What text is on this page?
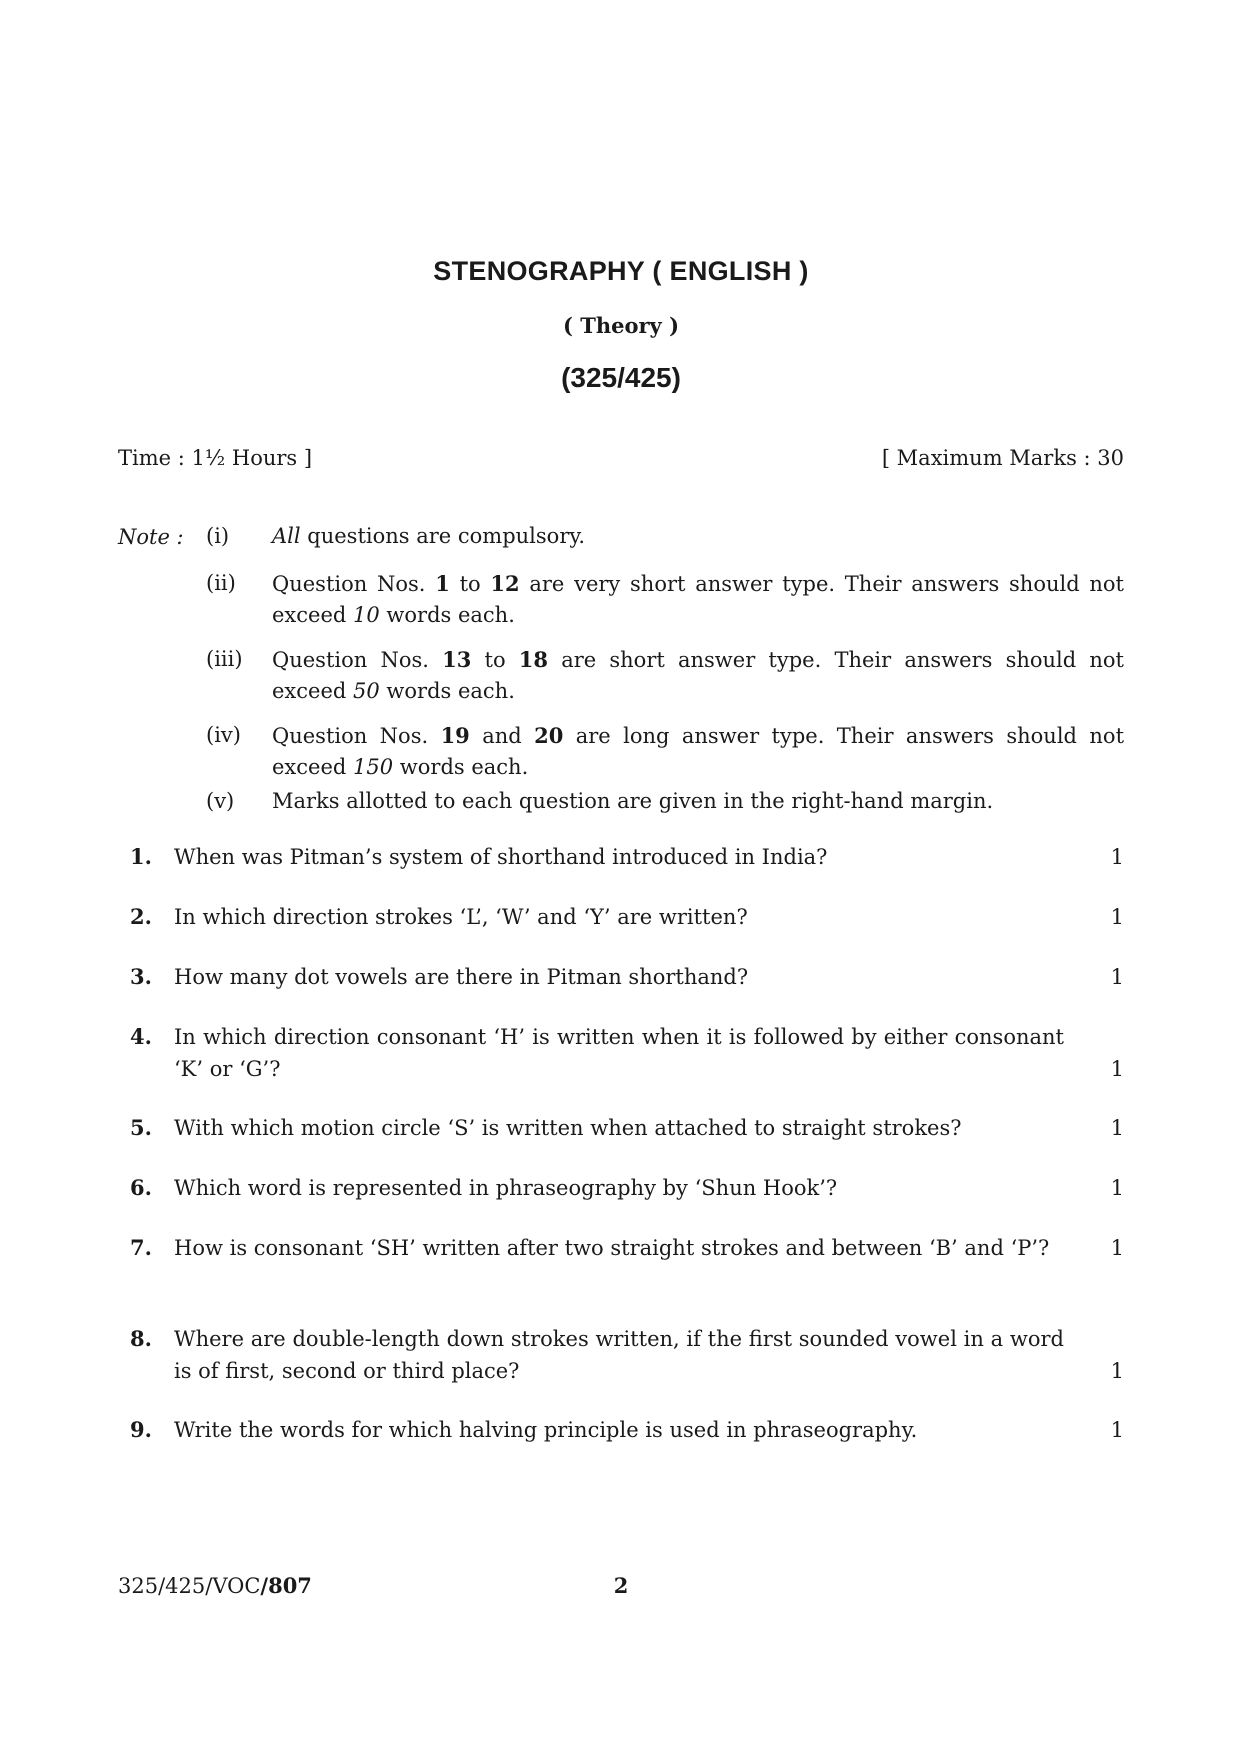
STENOGRAPHY ( ENGLISH )
( Theory )
(325/425)
Time : 1½ Hours ]	[ Maximum Marks : 30
Note : (i)	All questions are compulsory.
(ii)	Question Nos. 1 to 12 are very short answer type. Their answers should not exceed 10 words each.
(iii)	Question Nos. 13 to 18 are short answer type. Their answers should not exceed 50 words each.
(iv)	Question Nos. 19 and 20 are long answer type. Their answers should not exceed 150 words each.
(v)	Marks allotted to each question are given in the right-hand margin.
1. When was Pitman’s system of shorthand introduced in India?	1
2. In which direction strokes ‘L’, ‘W’ and ‘Y’ are written?	1
3. How many dot vowels are there in Pitman shorthand?	1
4. In which direction consonant ‘H’ is written when it is followed by either consonant ‘K’ or ‘G’?	1
5. With which motion circle ‘S’ is written when attached to straight strokes?	1
6. Which word is represented in phraseography by ‘Shun Hook’?	1
7. How is consonant ‘SH’ written after two straight strokes and between ‘B’ and ‘P’?	1
8. Where are double-length down strokes written, if the first sounded vowel in a word is of first, second or third place?	1
9. Write the words for which halving principle is used in phraseography.	1
325/425/VOC/807	2
